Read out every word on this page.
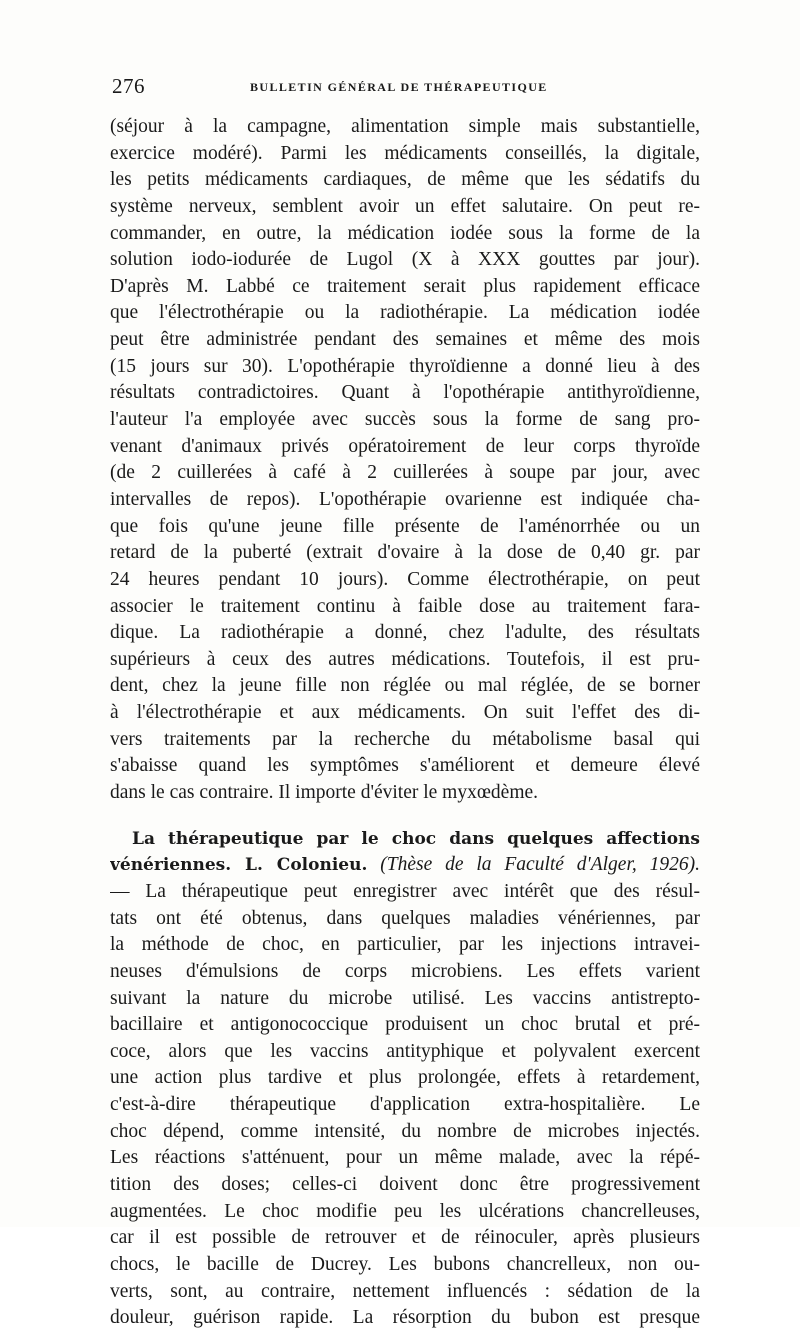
276	BULLETIN GÉNÉRAL DE THÉRAPEUTIQUE
(séjour à la campagne, alimentation simple mais substantielle,
exercice modéré). Parmi les médicaments conseillés, la digitale,
les petits médicaments cardiaques, de même que les sédatifs du
système nerveux, semblent avoir un effet salutaire. On peut re-
commander, en outre, la médication iodée sous la forme de la
solution iodo-iodurée de Lugol (X à XXX gouttes par jour).
D'après M. Labbé ce traitement serait plus rapidement efficace
que l'électrothérapie ou la radiothérapie. La médication iodée
peut être administrée pendant des semaines et même des mois
(15 jours sur 30). L'opothérapie thyroïdienne a donné lieu à des
résultats contradictoires. Quant à l'opothérapie antithyroïdienne,
l'auteur l'a employée avec succès sous la forme de sang pro-
venant d'animaux privés opératoirement de leur corps thyroïde
(de 2 cuillerées à café à 2 cuillerées à soupe par jour, avec
intervalles de repos). L'opothérapie ovarienne est indiquée cha-
que fois qu'une jeune fille présente de l'aménorrhée ou un
retard de la puberté (extrait d'ovaire à la dose de 0,40 gr. par
24 heures pendant 10 jours). Comme électrothérapie, on peut
associer le traitement continu à faible dose au traitement fara-
dique. La radiothérapie a donné, chez l'adulte, des résultats
supérieurs à ceux des autres médications. Toutefois, il est pru-
dent, chez la jeune fille non réglée ou mal réglée, de se borner
à l'électrothérapie et aux médicaments. On suit l'effet des di-
vers traitements par la recherche du métabolisme basal qui
s'abaisse quand les symptômes s'améliorent et demeure élevé
dans le cas contraire. Il importe d'éviter le myxœdème.
La thérapeutique par le choc dans quelques affections
vénériennes. L. Colonieu. (Thèse de la Faculté d'Alger, 1926).
— La thérapeutique peut enregistrer avec intérêt que des résul-
tats ont été obtenus, dans quelques maladies vénériennes, par
la méthode de choc, en particulier, par les injections intravei-
neuses d'émulsions de corps microbiens. Les effets varient
suivant la nature du microbe utilisé. Les vaccins antistrepto-
bacillaire et antigonococcique produisent un choc brutal et pré-
coce, alors que les vaccins antityphique et polyvalent exercent
une action plus tardive et plus prolongée, effets à retardement,
c'est-à-dire thérapeutique d'application extra-hospitalière. Le
choc dépend, comme intensité, du nombre de microbes injectés.
Les réactions s'atténuent, pour un même malade, avec la répé-
tition des doses; celles-ci doivent donc être progressivement
augmentées. Le choc modifie peu les ulcérations chancrelleuses,
car il est possible de retrouver et de réinoculer, après plusieurs
chocs, le bacille de Ducrey. Les bubons chancrelleux, non ou-
verts, sont, au contraire, nettement influencés : sédation de la
douleur, guérison rapide. La résorption du bubon est presque
